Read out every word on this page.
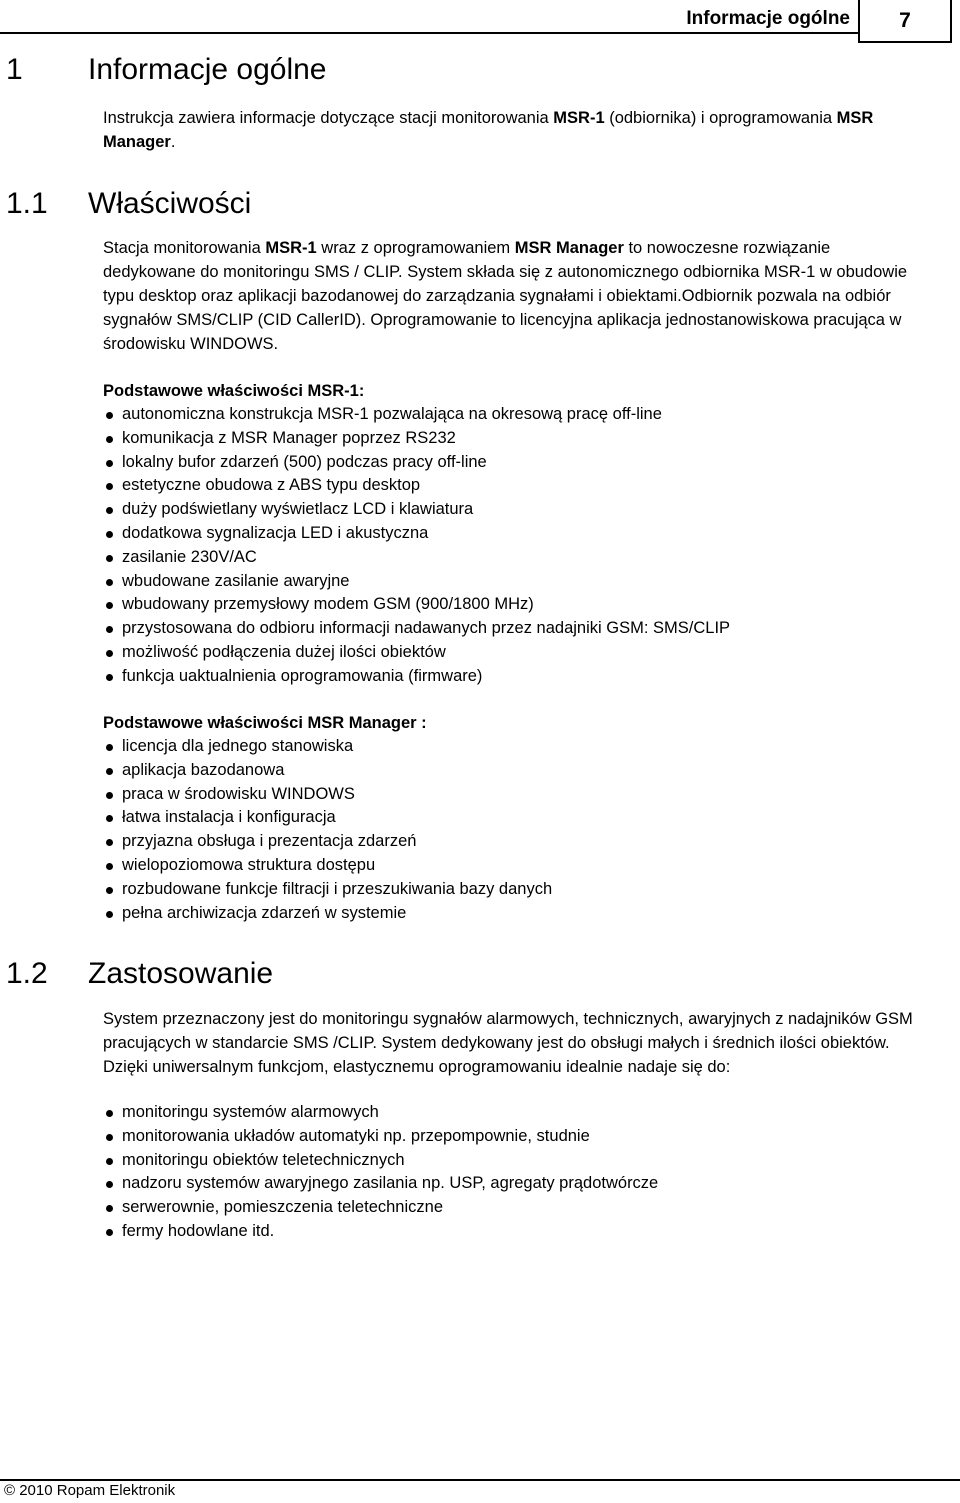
Informacje ogólne	7
1 Informacje ogólne

Instrukcja zawiera informacje dotyczące stacji monitorowania MSR-1 (odbiornika) i oprogramowania MSR Manager.

1.1 Właściwości

Stacja monitorowania MSR-1 wraz z oprogramowaniem MSR Manager to nowoczesne rozwiązanie dedykowane do monitoringu SMS / CLIP. System składa się z autonomicznego odbiornika MSR-1 w obudowie typu desktop oraz aplikacji bazodanowej do zarządzania sygnałami i obiektami.Odbiornik pozwala na odbiór sygnałów SMS/CLIP (CID CallerID). Oprogramowanie to licencyjna aplikacja jednostanowiskowa pracująca w środowisku WINDOWS.

Podstawowe właściwości MSR-1:

autonomiczna konstrukcja MSR-1 pozwalająca na okresową pracę off-line
komunikacja z MSR Manager poprzez RS232
lokalny bufor zdarzeń (500) podczas pracy off-line
estetyczne obudowa z ABS typu desktop
duży podświetlany wyświetlacz LCD i klawiatura
dodatkowa sygnalizacja LED i akustyczna
zasilanie 230V/AC
wbudowane zasilanie awaryjne
wbudowany przemysłowy modem GSM (900/1800 MHz)
przystosowana do odbioru informacji nadawanych przez nadajniki GSM: SMS/CLIP
możliwość podłączenia dużej ilości obiektów
funkcja uaktualnienia oprogramowania (firmware)

Podstawowe właściwości MSR Manager :

licencja dla jednego stanowiska
aplikacja bazodanowa
praca w środowisku WINDOWS
łatwa instalacja i konfiguracja
przyjazna obsługa i prezentacja zdarzeń
wielopoziomowa struktura dostępu
rozbudowane funkcje filtracji i przeszukiwania bazy danych
pełna archiwizacja zdarzeń w systemie
1.2 Zastosowanie

System przeznaczony jest do monitoringu sygnałów alarmowych, technicznych, awaryjnych z nadajników GSM pracujących w standarcie SMS /CLIP. System dedykowany jest do obsługi małych i średnich ilości obiektów. Dzięki uniwersalnym funkcjom, elastycznemu oprogramowaniu idealnie nadaje się do:

monitoringu systemów alarmowych
monitorowania układów automatyki np. przepompownie, studnie
monitoringu obiektów teletechnicznych
nadzoru systemów awaryjnego zasilania np. USP, agregaty prądotwórcze
serwerownie, pomieszczenia teletechniczne
fermy hodowlane itd.
© 2010 Ropam Elektronik
